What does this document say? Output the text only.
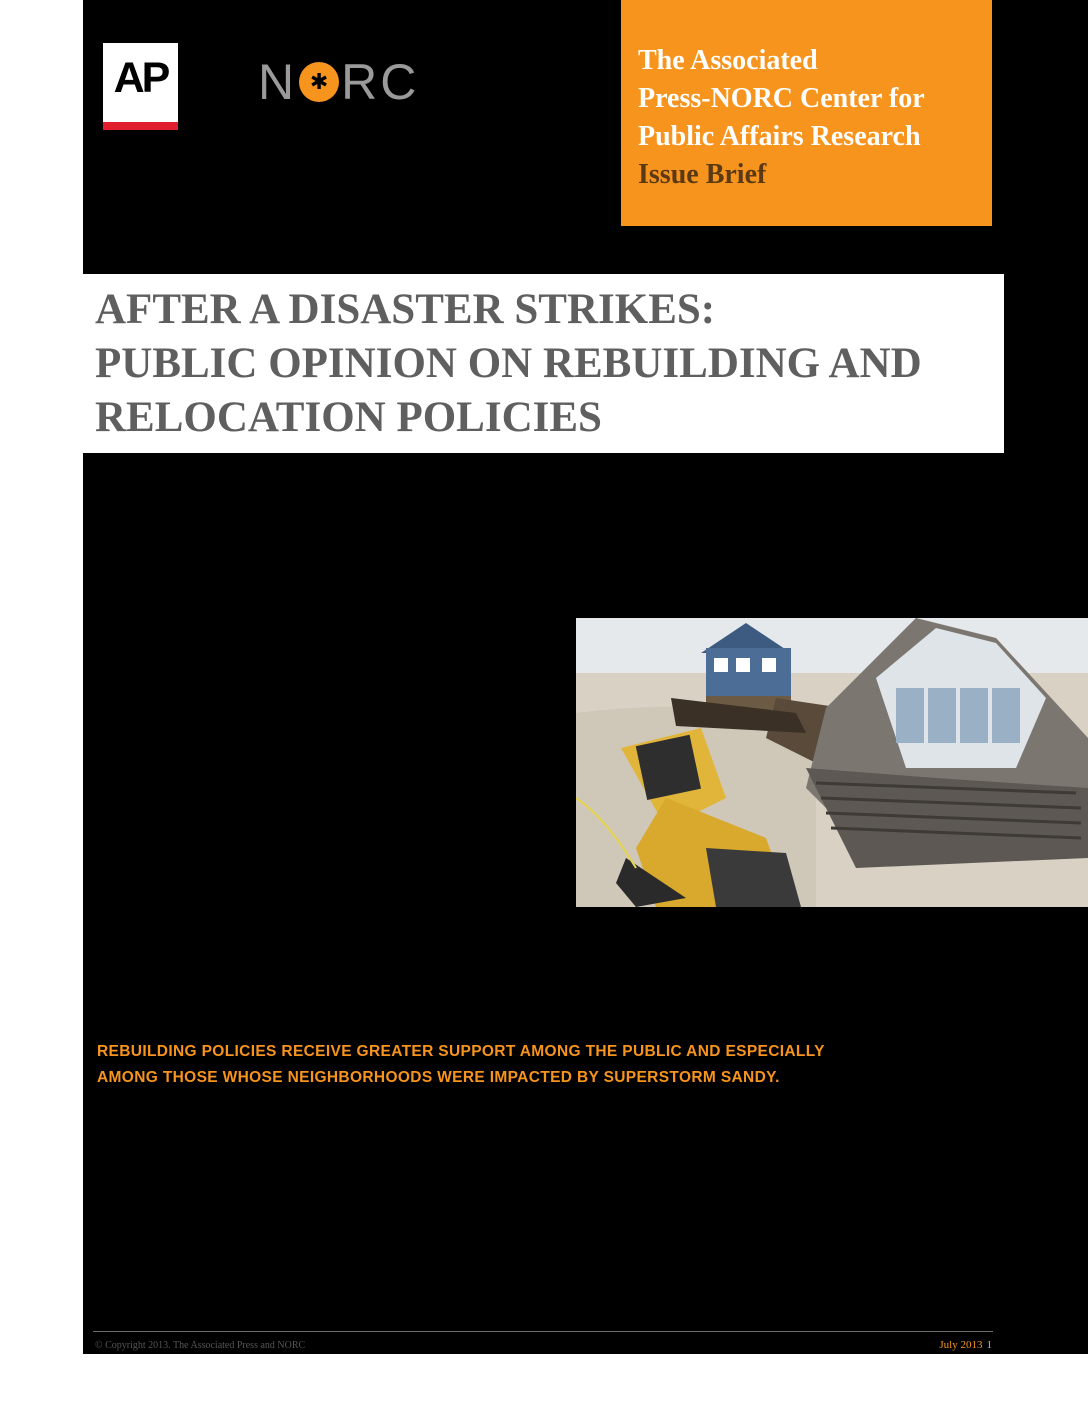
AP N ✱ RC	The Associated
Press-NORC Center for
Public Affairs Research
Issue Brief
AFTER A DISASTER STRIKES:
PUBLIC OPINION ON REBUILDING AND
RELOCATION POLICIES
REBUILDING POLICIES RECEIVE GREATER SUPPORT AMONG THE PUBLIC AND ESPECIALLY
AMONG THOSE WHOSE NEIGHBORHOODS WERE IMPACTED BY SUPERSTORM SANDY.
© Copyright 2013. The Associated Press and NORC	July 2013 1
